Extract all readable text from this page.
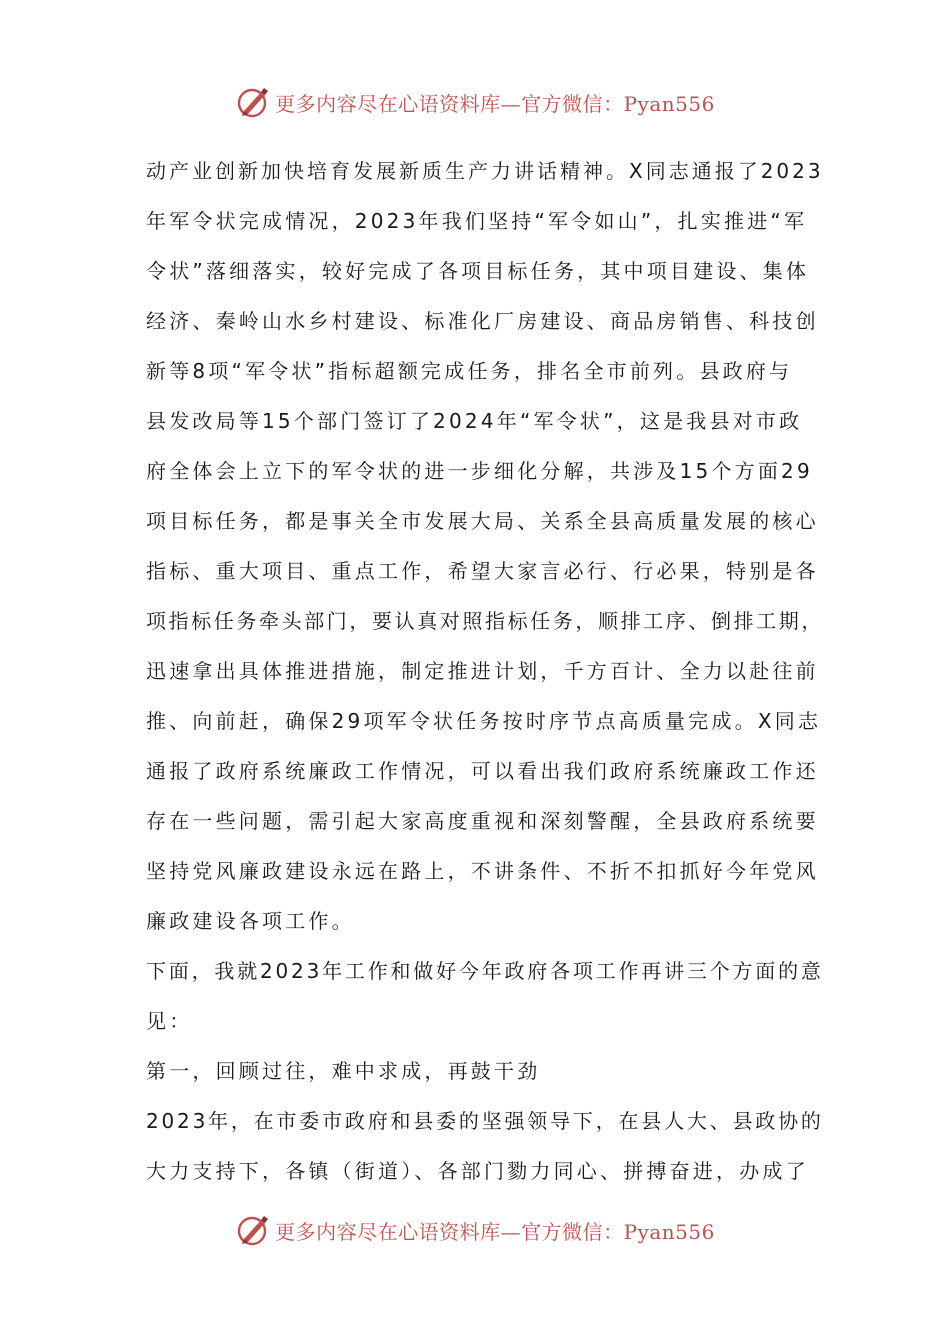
更多内容尽在心语资料库—官方微信：Pyan556
动产业创新加快培育发展新质生产力讲话精神。X同志通报了2023
年军令状完成情况，2023年我们坚持“军令如山”，扎实推进“军
令状”落细落实，较好完成了各项目标任务，其中项目建设、集体
经济、秦岭山水乡村建设、标准化厂房建设、商品房销售、科技创
新等8项“军令状”指标超额完成任务，排名全市前列。县政府与
县发改局等15个部门签订了2024年“军令状”，这是我县对市政
府全体会上立下的军令状的进一步细化分解，共涉及15个方面29
项目标任务，都是事关全市发展大局、关系全县高质量发展的核心
指标、重大项目、重点工作，希望大家言必行、行必果，特别是各
项指标任务牵头部门，要认真对照指标任务，顺排工序、倒排工期，
迅速拿出具体推进措施，制定推进计划，千方百计、全力以赴往前
推、向前赶，确保29项军令状任务按时序节点高质量完成。X同志
通报了政府系统廉政工作情况，可以看出我们政府系统廉政工作还
存在一些问题，需引起大家高度重视和深刻警醒，全县政府系统要
坚持党风廉政建设永远在路上，不讲条件、不折不扣抓好今年党风
廉政建设各项工作。
下面，我就2023年工作和做好今年政府各项工作再讲三个方面的意
见：
第一，回顾过往，难中求成，再鼓干劲
2023年，在市委市政府和县委的坚强领导下，在县人大、县政协的
大力支持下，各镇（街道）、各部门勠力同心、拼搏奋进，办成了
更多内容尽在心语资料库—官方微信：Pyan556
